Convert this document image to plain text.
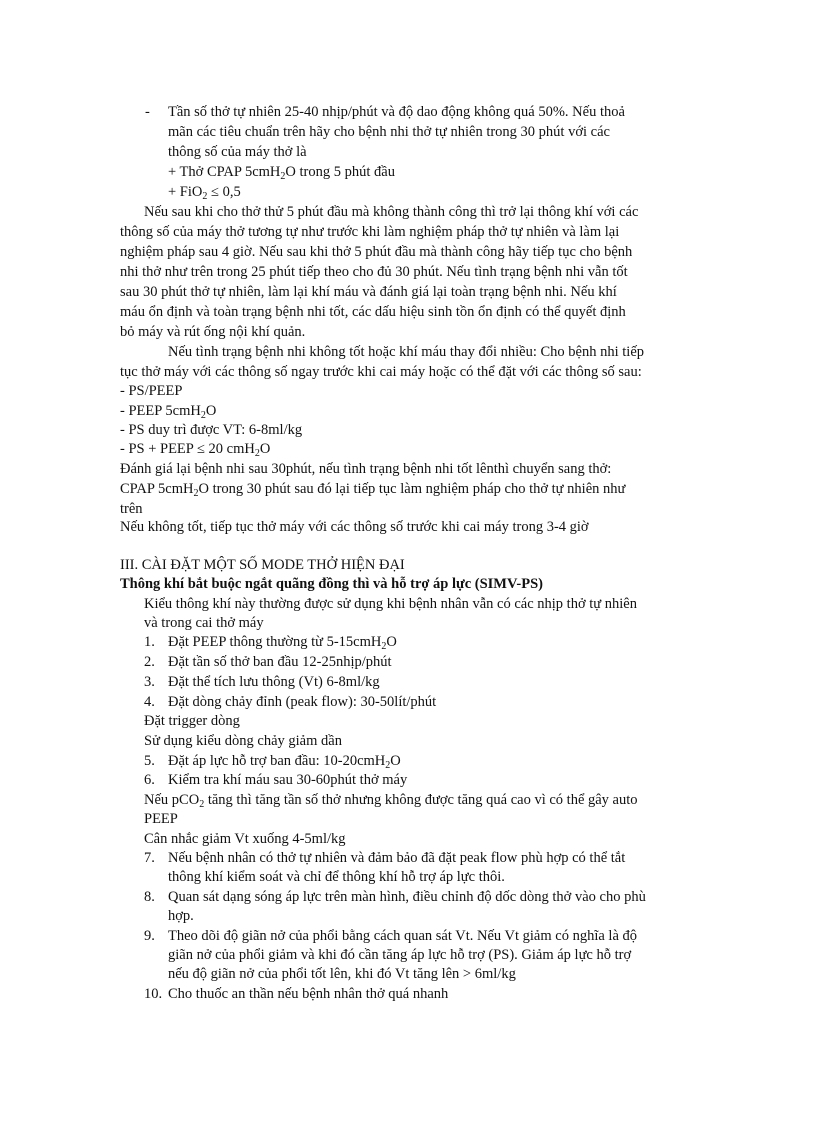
- Tần số thở tự nhiên 25-40 nhịp/phút và độ dao động không quá 50%. Nếu thoả
mãn các tiêu chuẩn trên hãy cho bệnh nhi thở tự nhiên trong 30 phút với các
thông số của máy thở là
+ Thở CPAP 5cmH$_2$O trong 5 phút đầu
+ FiO$_2$ ≤ 0,5
Nếu sau khi cho thở thử 5 phút đầu mà không thành công thì trở lại thông khí với các
thông số của máy thở tương tự như trước khi làm nghiệm pháp thở tự nhiên và làm lại
nghiệm pháp sau 4 giờ. Nếu sau khi thở 5 phút đầu mà thành công hãy tiếp tục cho bệnh
nhi thở như trên trong 25 phút tiếp theo cho đủ 30 phút. Nếu tình trạng bệnh nhi vẫn tốt
sau 30 phút thở tự nhiên, làm lại khí máu và đánh giá lại toàn trạng bệnh nhi. Nếu khí
máu ổn định và toàn trạng bệnh nhi tốt, các dấu hiệu sinh tồn ổn định có thể quyết định
bỏ máy và rút ống nội khí quản.
Nếu tình trạng bệnh nhi không tốt hoặc khí máu thay đổi nhiều: Cho bệnh nhi tiếp
tục thở máy với các thông số ngay trước khi cai máy hoặc có thể đặt với các thông số sau:
- PS/PEEP
- PEEP 5cmH$_2$O
- PS duy trì được VT: 6-8ml/kg
- PS + PEEP ≤ 20 cmH$_2$O
Đánh giá lại bệnh nhi sau 30phút, nếu tình trạng bệnh nhi tốt lênthì chuyển sang thở:
CPAP 5cmH$_2$O trong 30 phút sau đó lại tiếp tục làm nghiệm pháp cho thở tự nhiên như
trên
Nếu không tốt, tiếp tục thở máy với các thông số trước khi cai máy trong 3-4 giờ
III. CÀI ĐẶT MỘT SỐ MODE THỞ HIỆN ĐẠI
Thông khí bắt buộc ngắt quãng đồng thì và hỗ trợ áp lực (SIMV-PS)
Kiểu thông khí này thường được sử dụng khi bệnh nhân vẫn có các nhịp thở tự nhiên
và trong cai thở máy
1. Đặt PEEP thông thường từ 5-15cmH$_2$O
2. Đặt tần số thở ban đầu 12-25nhịp/phút
3. Đặt thể tích lưu thông (Vt) 6-8ml/kg
4. Đặt dòng chảy đỉnh (peak flow): 30-50lít/phút
Đặt trigger dòng
Sử dụng kiểu dòng chảy giảm dần
5. Đặt áp lực hỗ trợ ban đầu: 10-20cmH$_2$O
6. Kiểm tra khí máu sau 30-60phút thở máy
Nếu pCO$_2$ tăng thì tăng tần số thở nhưng không được tăng quá cao vì có thể gây auto
PEEP
Cân nhắc giảm Vt xuống 4-5ml/kg
7. Nếu bệnh nhân có thở tự nhiên và đảm bảo đã đặt peak flow phù hợp có thể tắt
thông khí kiểm soát và chỉ để thông khí hỗ trợ áp lực thôi.
8. Quan sát dạng sóng áp lực trên màn hình, điều chỉnh độ dốc dòng thở vào cho phù
hợp.
9. Theo dõi độ giãn nở của phổi bằng cách quan sát Vt. Nếu Vt giảm có nghĩa là độ
giãn nở của phổi giảm và khi đó cần tăng áp lực hỗ trợ (PS). Giảm áp lực hỗ trợ
nếu độ giãn nở của phổi tốt lên, khi đó Vt tăng lên > 6ml/kg
10. Cho thuốc an thần nếu bệnh nhân thở quá nhanh
